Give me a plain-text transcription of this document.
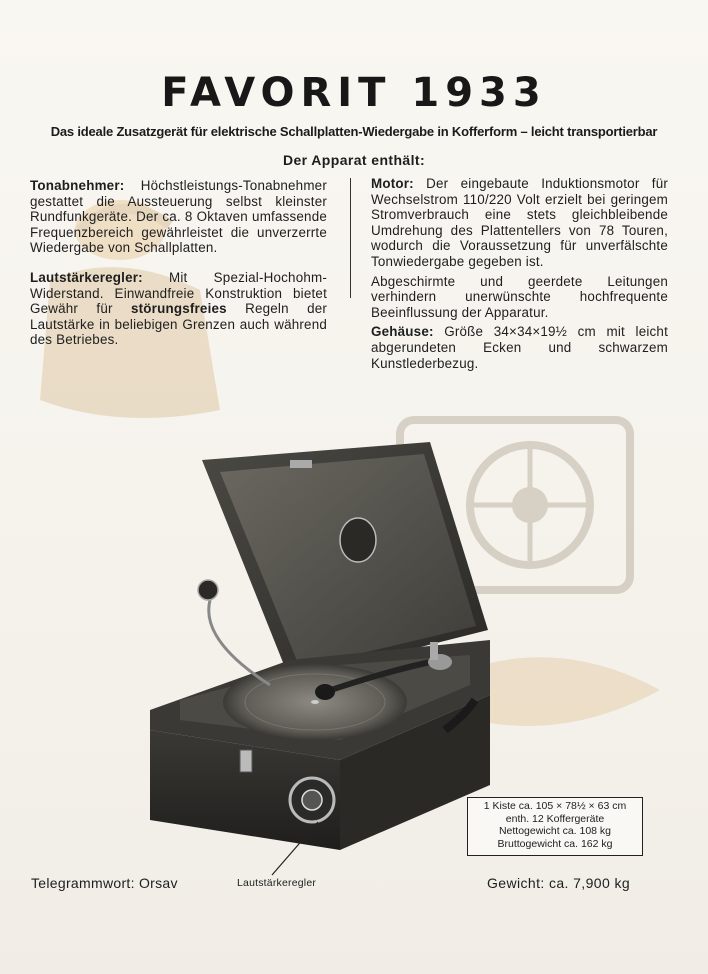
FAVORIT 1933
Das ideale Zusatzgerät für elektrische Schallplatten-Wiedergabe in Kofferform – leicht transportierbar
Der Apparat enthält:

Tonabnehmer: Höchstleistungs-Tonabnehmer gestattet die Aussteuerung selbst kleinster Rundfunkgeräte. Der ca. 8 Oktaven umfassende Frequenzbereich gewährleistet die unverzerrte Wiedergabe von Schallplatten.

Lautstärkeregler: Mit Spezial-Hochohm-Widerstand. Einwandfreie Konstruktion bietet Gewähr für störungsfreies Regeln der Lautstärke in beliebigen Grenzen auch während des Betriebes.

Motor: Der eingebaute Induktionsmotor für Wechselstrom 110/220 Volt erzielt bei geringem Stromverbrauch eine stets gleichbleibende Umdrehung des Plattentellers von 78 Touren, wodurch die Voraussetzung für unverfälschte Tonwiedergabe gegeben ist.

Abgeschirmte und geerdete Leitungen verhindern unerwünschte hochfrequente Beeinflussung der Apparatur.

Gehäuse: Größe 34×34×19½ cm mit leicht abgerundeten Ecken und schwarzem Kunstlederbezug.

1 Kiste ca. 105 × 78½ × 63 cm
enth. 12 Koffergeräte
Nettogewicht ca. 108 kg
Bruttogewicht ca. 162 kg
Telegrammwort: Orsav	Lautstärkeregler	Gewicht: ca. 7,900 kg
